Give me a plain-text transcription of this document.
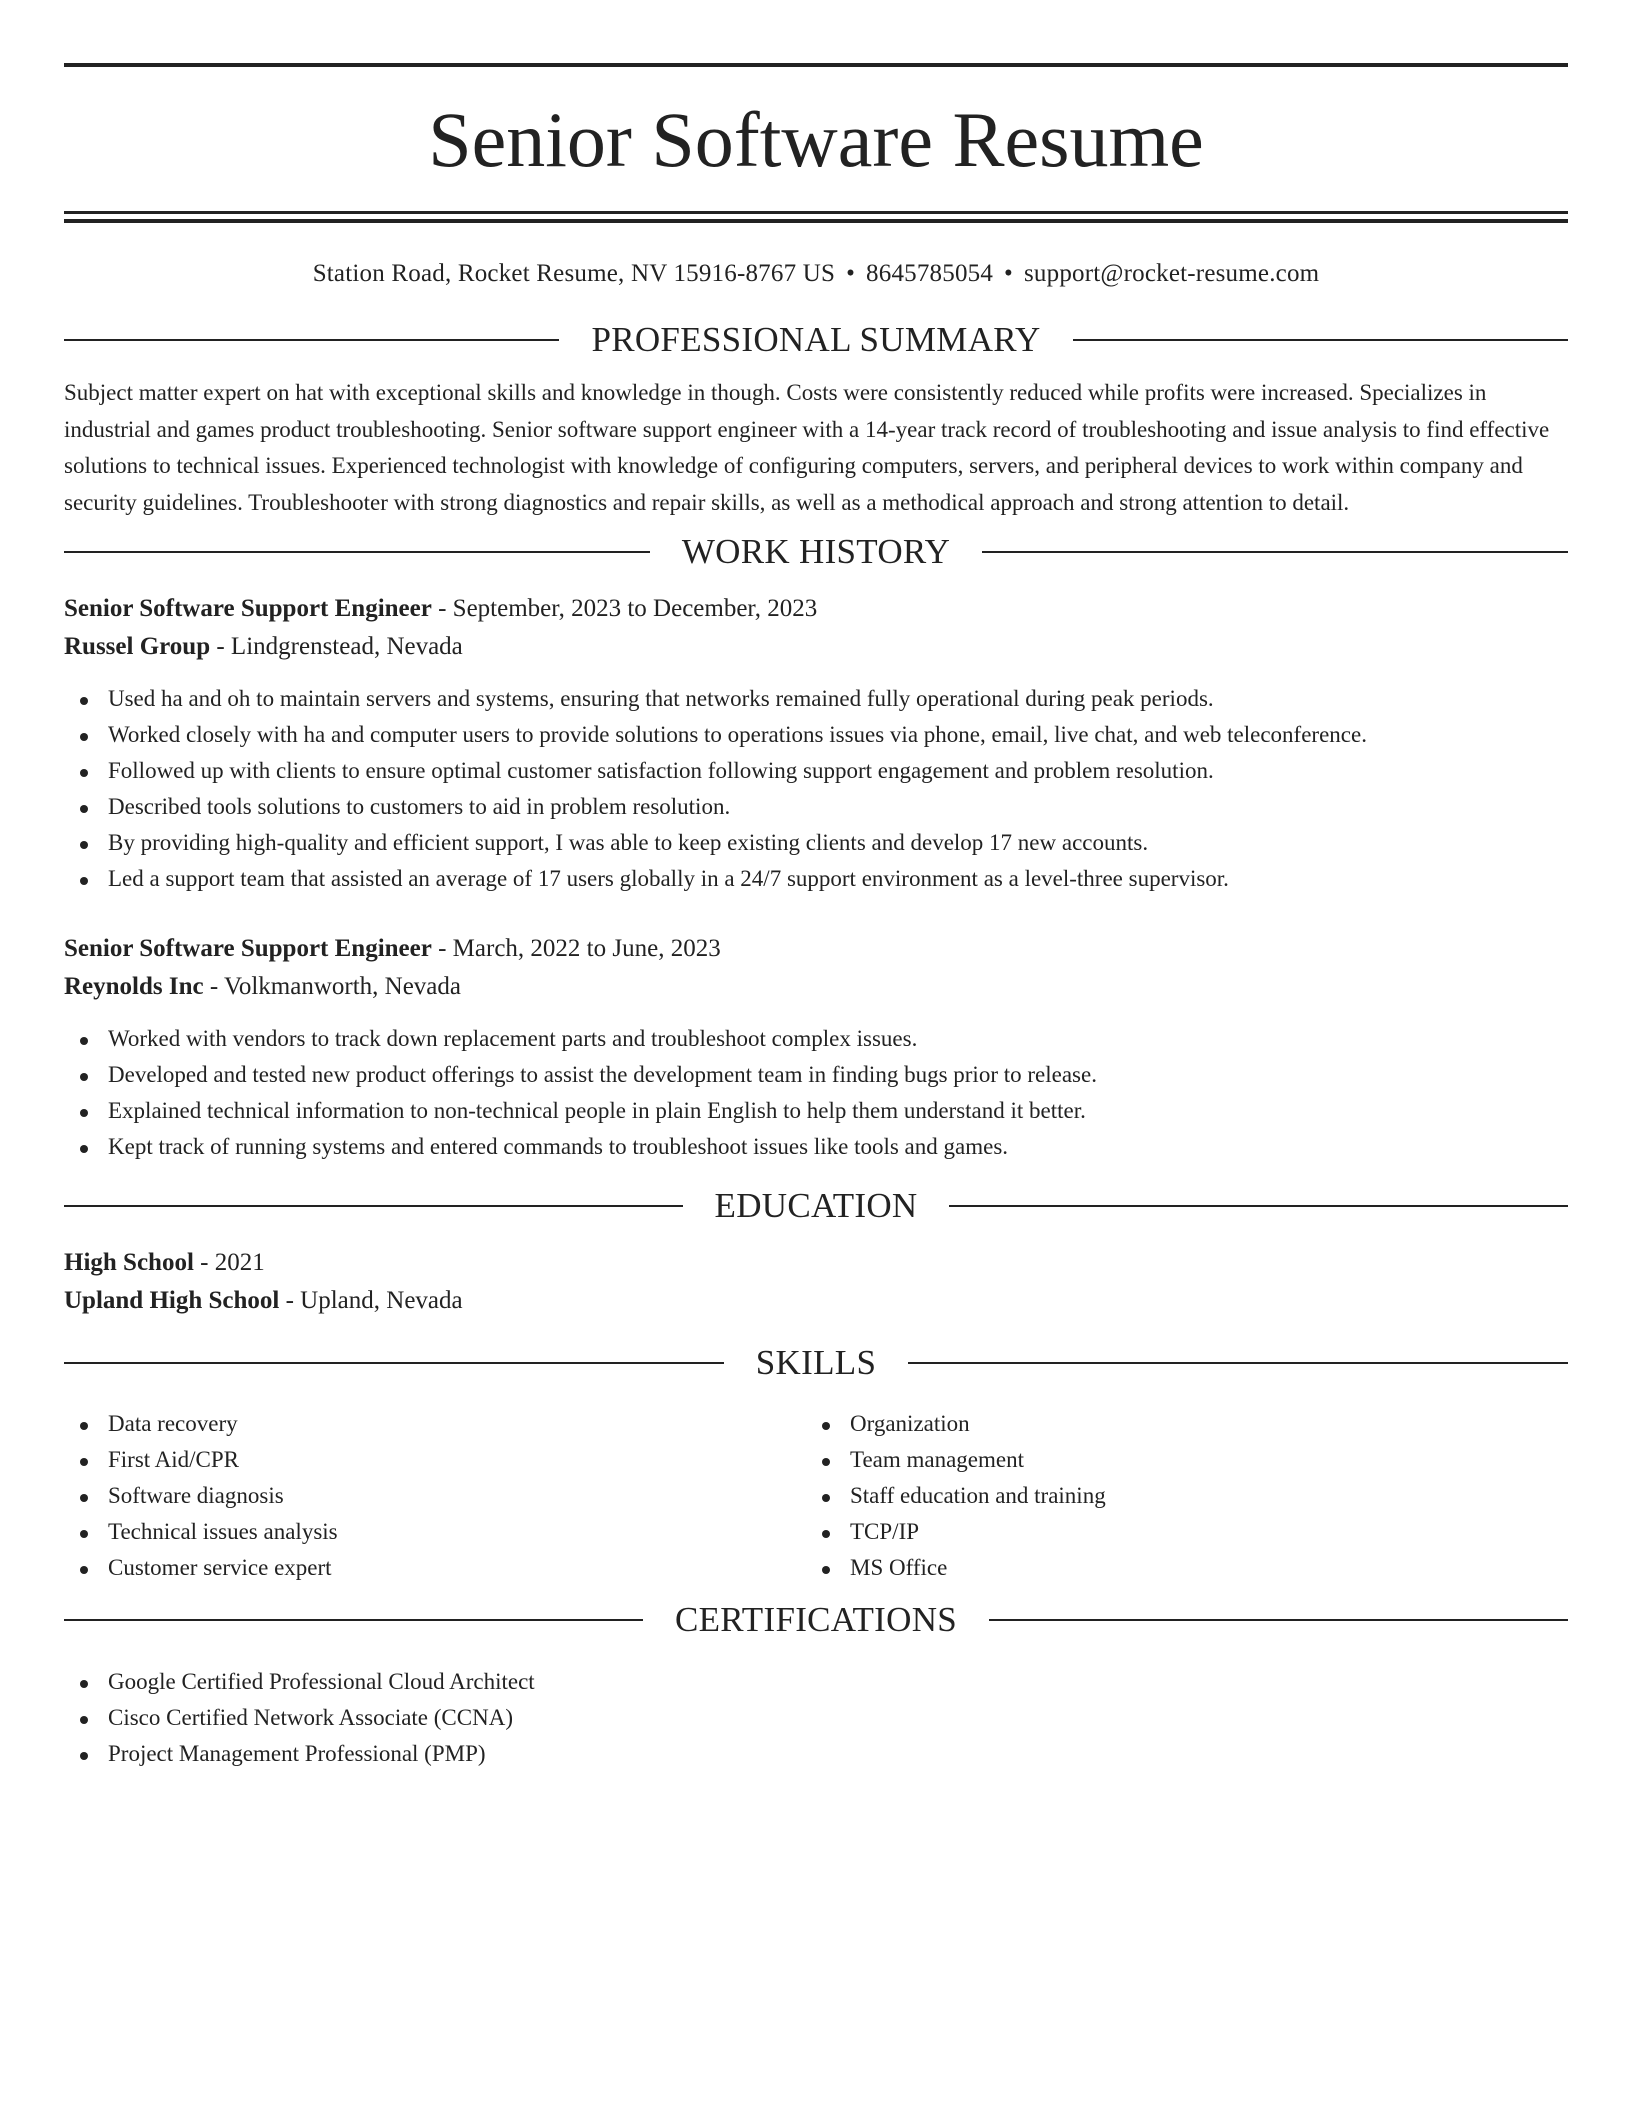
Senior Software Resume
Station Road, Rocket Resume, NV 15916-8767 US • 8645785054 • support@rocket-resume.com
PROFESSIONAL SUMMARY

Subject matter expert on hat with exceptional skills and knowledge in though. Costs were consistently reduced while profits were increased. Specializes in industrial and games product troubleshooting. Senior software support engineer with a 14-year track record of troubleshooting and issue analysis to find effective solutions to technical issues. Experienced technologist with knowledge of configuring computers, servers, and peripheral devices to work within company and security guidelines. Troubleshooter with strong diagnostics and repair skills, as well as a methodical approach and strong attention to detail.

WORK HISTORY
Senior Software Support Engineer - September, 2023 to December, 2023
Russel Group - Lindgrenstead, Nevada
Used ha and oh to maintain servers and systems, ensuring that networks remained fully operational during peak periods.
Worked closely with ha and computer users to provide solutions to operations issues via phone, email, live chat, and web teleconference.
Followed up with clients to ensure optimal customer satisfaction following support engagement and problem resolution.
Described tools solutions to customers to aid in problem resolution.
By providing high-quality and efficient support, I was able to keep existing clients and develop 17 new accounts.
Led a support team that assisted an average of 17 users globally in a 24/7 support environment as a level-three supervisor.
Senior Software Support Engineer - March, 2022 to June, 2023
Reynolds Inc - Volkmanworth, Nevada
Worked with vendors to track down replacement parts and troubleshoot complex issues.
Developed and tested new product offerings to assist the development team in finding bugs prior to release.
Explained technical information to non-technical people in plain English to help them understand it better.
Kept track of running systems and entered commands to troubleshoot issues like tools and games.
EDUCATION
High School - 2021
Upland High School - Upland, Nevada
SKILLS
Data recovery
First Aid/CPR
Software diagnosis
Technical issues analysis
Customer service expert
Organization
Team management
Staff education and training
TCP/IP
MS Office
CERTIFICATIONS
Google Certified Professional Cloud Architect
Cisco Certified Network Associate (CCNA)
Project Management Professional (PMP)
